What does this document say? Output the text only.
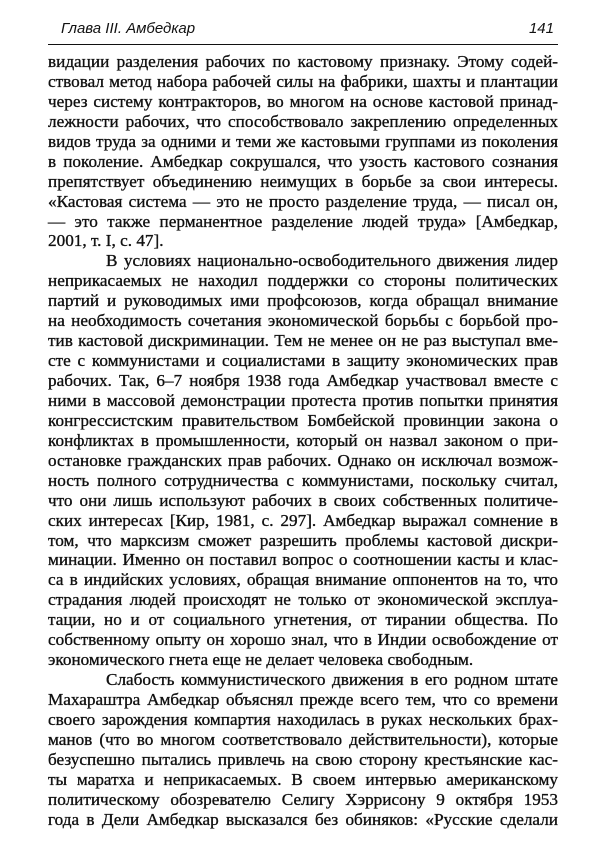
Глава III. Амбедкар	141
видации разделения рабочих по кастовому признаку. Этому содей-
ствовал метод набора рабочей силы на фабрики, шахты и плантации
через систему контракторов, во многом на основе кастовой принад-
лежности рабочих, что способствовало закреплению определенных
видов труда за одними и теми же кастовыми группами из поколения
в поколение. Амбедкар сокрушался, что узость кастового сознания
препятствует объединению неимущих в борьбе за свои интересы.
«Кастовая система — это не просто разделение труда, — писал он,
— это также перманентное разделение людей труда» [Амбедкар,
2001, т. I, с. 47].
В условиях национально-освободительного движения лидер
неприкасаемых не находил поддержки со стороны политических
партий и руководимых ими профсоюзов, когда обращал внимание
на необходимость сочетания экономической борьбы с борьбой про-
тив кастовой дискриминации. Тем не менее он не раз выступал вме-
сте с коммунистами и социалистами в защиту экономических прав
рабочих. Так, 6–7 ноября 1938 года Амбедкар участвовал вместе с
ними в массовой демонстрации протеста против попытки принятия
конгрессистским правительством Бомбейской провинции закона о
конфликтах в промышленности, который он назвал законом о при-
остановке гражданских прав рабочих. Однако он исключал возмож-
ность полного сотрудничества с коммунистами, поскольку считал,
что они лишь используют рабочих в своих собственных политиче-
ских интересах [Кир, 1981, с. 297]. Амбедкар выражал сомнение в
том, что марксизм сможет разрешить проблемы кастовой дискри-
минации. Именно он поставил вопрос о соотношении касты и клас-
са в индийских условиях, обращая внимание оппонентов на то, что
страдания людей происходят не только от экономической эксплуа-
тации, но и от социального угнетения, от тирании общества. По
собственному опыту он хорошо знал, что в Индии освобождение от
экономического гнета еще не делает человека свободным.
Слабость коммунистического движения в его родном штате
Махараштра Амбедкар объяснял прежде всего тем, что со времени
своего зарождения компартия находилась в руках нескольких брах-
манов (что во многом соответствовало действительности), которые
безуспешно пытались привлечь на свою сторону крестьянские кас-
ты маратха и неприкасаемых. В своем интервью американскому
политическому обозревателю Селигу Хэррисону 9 октября 1953
года в Дели Амбедкар высказался без обиняков: «Русские сделали
